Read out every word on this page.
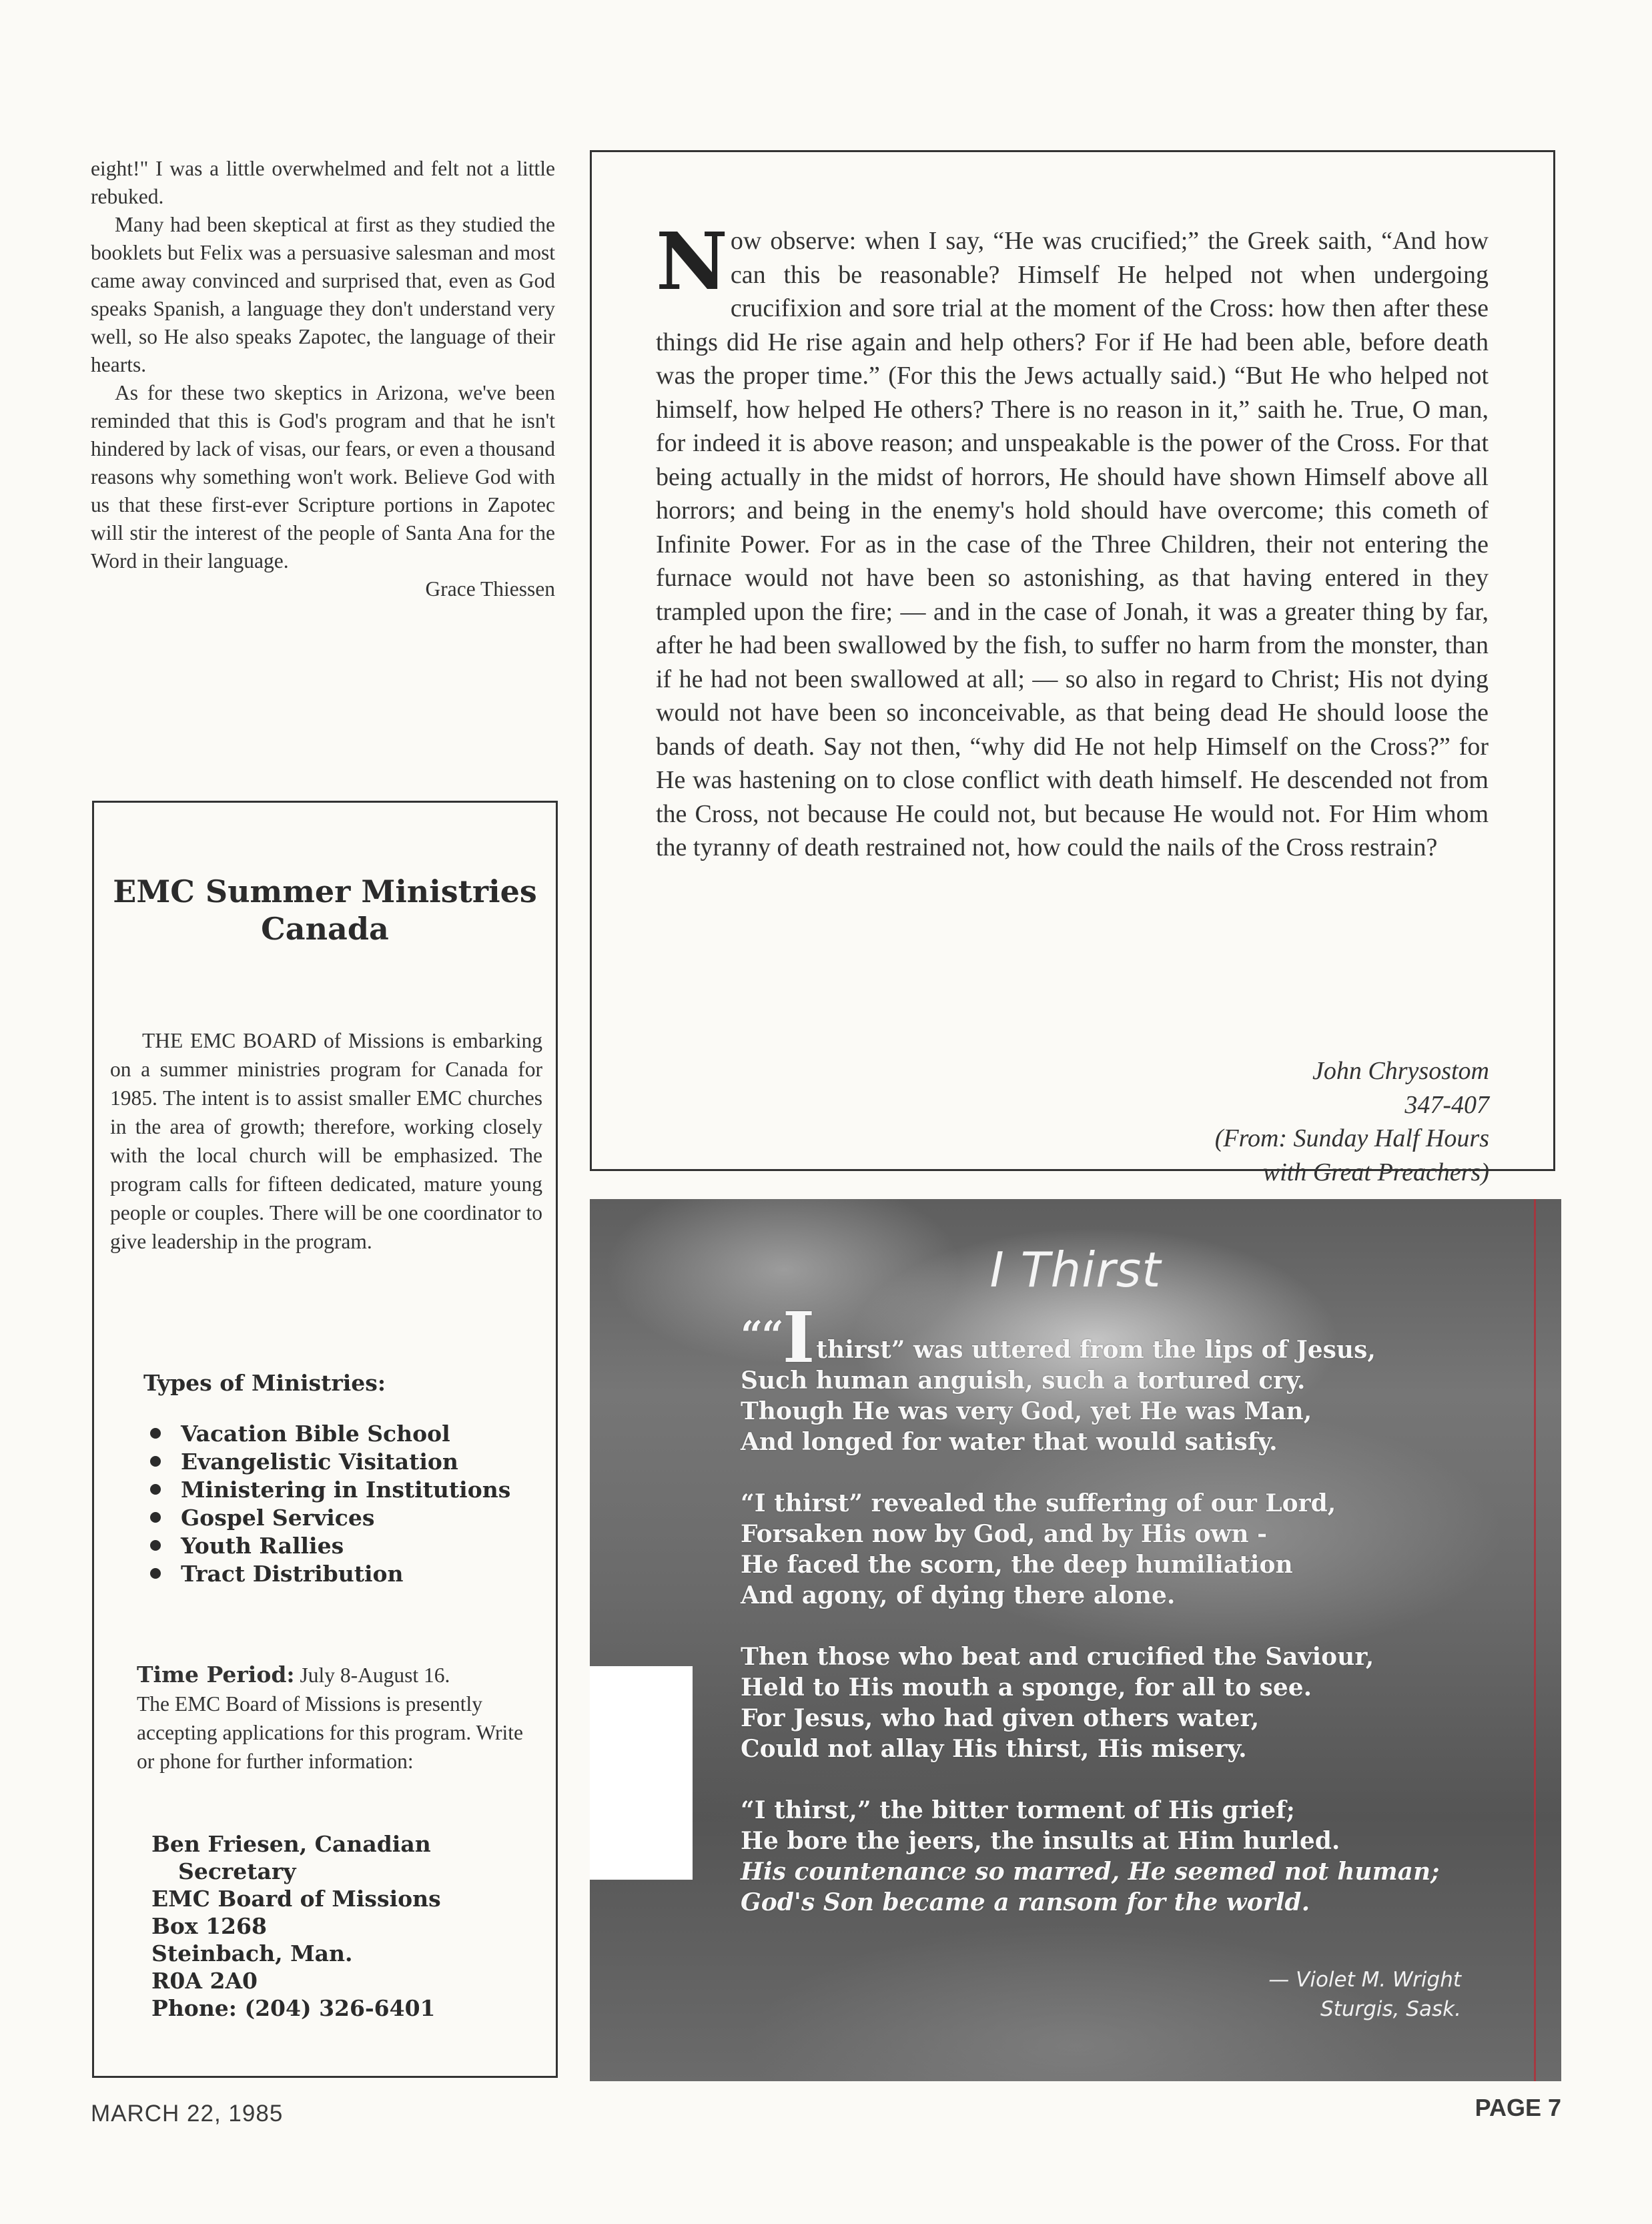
eight!" I was a little overwhelmed and felt not a little rebuked.

Many had been skeptical at first as they studied the booklets but Felix was a persuasive salesman and most came away convinced and surprised that, even as God speaks Spanish, a language they don't understand very well, so He also speaks Zapotec, the language of their hearts.

As for these two skeptics in Arizona, we've been reminded that this is God's program and that he isn't hindered by lack of visas, our fears, or even a thousand reasons why something won't work. Believe God with us that these first-ever Scripture portions in Zapotec will stir the interest of the people of Santa Ana for the Word in their language.

Grace Thiessen

EMC Summer Ministries
Canada

THE EMC BOARD of Missions is embarking on a summer ministries program for Canada for 1985. The intent is to assist smaller EMC churches in the area of growth; therefore, working closely with the local church will be emphasized. The program calls for fifteen dedicated, mature young people or couples. There will be one coordinator to give leadership in the program.

Types of Ministries:
Vacation Bible School
Evangelistic Visitation
Ministering in Institutions
Gospel Services
Youth Rallies
Tract Distribution

Time Period: July 8-August 16.

The EMC Board of Missions is presently accepting applications for this program. Write or phone for further information:

Ben Friesen, Canadian
Secretary
EMC Board of Missions
Box 1268
Steinbach, Man.
R0A 2A0
Phone: (204) 326-6401
Now observe: when I say, “He was crucified;” the Greek saith, “And how can this be reasonable? Himself He helped not when undergoing crucifixion and sore trial at the moment of the Cross: how then after these things did He rise again and help others? For if He had been able, before death was the proper time.” (For this the Jews actually said.) “But He who helped not himself, how helped He others? There is no reason in it,” saith he. True, O man, for indeed it is above reason; and unspeakable is the power of the Cross. For that being actually in the midst of horrors, He should have shown Himself above all horrors; and being in the enemy's hold should have overcome; this cometh of Infinite Power. For as in the case of the Three Children, their not entering the furnace would not have been so astonishing, as that having entered in they trampled upon the fire; — and in the case of Jonah, it was a greater thing by far, after he had been swallowed by the fish, to suffer no harm from the monster, than if he had not been swallowed at all; — so also in regard to Christ; His not dying would not have been so inconceivable, as that being dead He should loose the bands of death. Say not then, “why did He not help Himself on the Cross?” for He was hastening on to close conflict with death himself. He descended not from the Cross, not because He could not, but because He would not. For Him whom the tyranny of death restrained not, how could the nails of the Cross restrain?
John Chrysostom
347-407
(From: Sunday Half Hours
with Great Preachers)
I Thirst
““Ithirst” was uttered from the lips of Jesus,
Such human anguish, such a tortured cry.
Though He was very God, yet He was Man,
And longed for water that would satisfy.
“I thirst” revealed the suffering of our Lord,
Forsaken now by God, and by His own -
He faced the scorn, the deep humiliation
And agony, of dying there alone.
Then those who beat and crucified the Saviour,
Held to His mouth a sponge, for all to see.
For Jesus, who had given others water,
Could not allay His thirst, His misery.
“I thirst,” the bitter torment of His grief;
He bore the jeers, the insults at Him hurled.
His countenance so marred, He seemed not human;
God's Son became a ransom for the world.
— Violet M. Wright
Sturgis, Sask.
MARCH 22, 1985	PAGE 7
